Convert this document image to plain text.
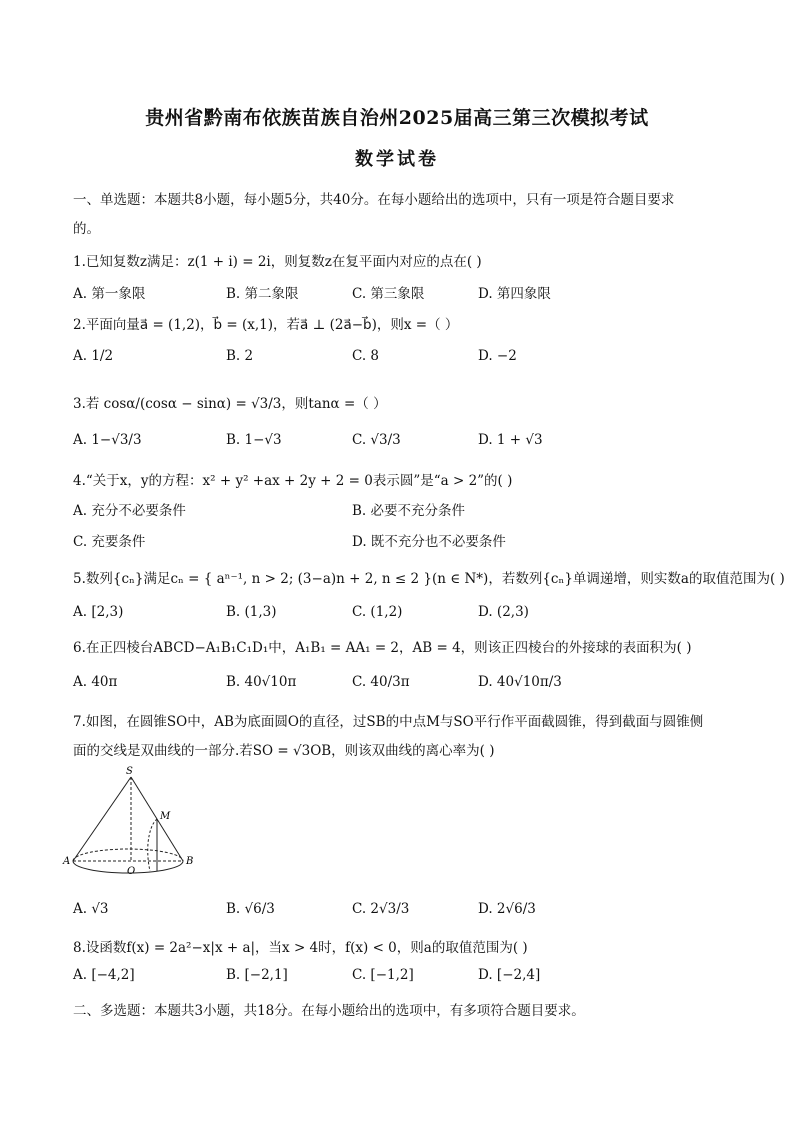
贵州省黔南布依族苗族自治州2025届高三第三次模拟考试
数学试卷
一、单选题：本题共8小题，每小题5分，共40分。在每小题给出的选项中，只有一项是符合题目要求
的。
1.已知复数z满足：z(1 + i) = 2i，则复数z在复平面内对应的点在( )
A. 第一象限	B. 第二象限	C. 第三象限	D. 第四象限
2.平面向量a⃗ = (1,2)，b⃗ = (x,1)，若a⃗ ⊥ (2a⃗−b⃗)，则x =（ ）
A. 1/2	B. 2	C. 8	D. −2
3.若 cosα/(cosα − sinα) = √3/3，则tanα =（ ）
A. 1−√3/3	B. 1−√3	C. √3/3	D. 1 + √3
4.“关于x，y的方程：x² + y² +ax + 2y + 2 = 0表示圆”是“a > 2”的( )
A. 充分不必要条件	B. 必要不充分条件
C. 充要条件	D. 既不充分也不必要条件
5.数列{cₙ}满足cₙ = { aⁿ⁻¹, n > 2; (3−a)n + 2, n ≤ 2 }(n ∈ N*)，若数列{cₙ}单调递增，则实数a的取值范围为( )
A. [2,3)	B. (1,3)	C. (1,2)	D. (2,3)
6.在正四棱台ABCD−A₁B₁C₁D₁中，A₁B₁ = AA₁ = 2，AB = 4，则该正四棱台的外接球的表面积为( )
A. 40π	B. 40√10π	C. 40/3π	D. 40√10π/3
7.如图，在圆锥SO中，AB为底面圆O的直径，过SB的中点M与SO平行作平面截圆锥，得到截面与圆锥侧
面的交线是双曲线的一部分.若SO = √3OB，则该双曲线的离心率为( )
S
M
A
O
B
A. √3	B. √6/3	C. 2√3/3	D. 2√6/3
8.设函数f(x) = 2a²−x|x + a|，当x > 4时，f(x) < 0，则a的取值范围为( )
A. [−4,2]	B. [−2,1]	C. [−1,2]	D. [−2,4]
二、多选题：本题共3小题，共18分。在每小题给出的选项中，有多项符合题目要求。
